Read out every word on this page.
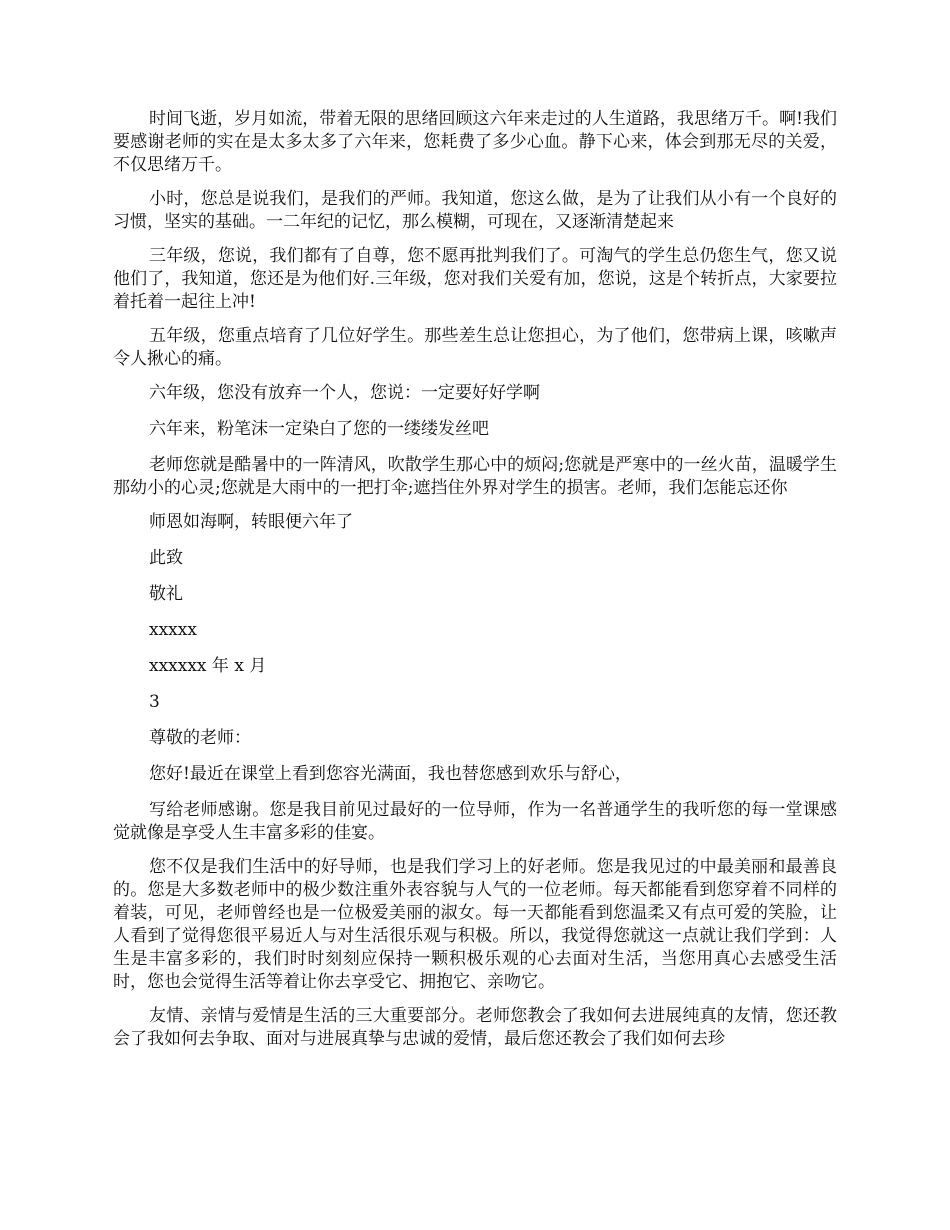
时间飞逝，岁月如流，带着无限的思绪回顾这六年来走过的人生道路，我思绪万千。啊!我们要感谢老师的实在是太多太多了六年来，您耗费了多少心血。静下心来，体会到那无尽的关爱，不仅思绪万千。

小时，您总是说我们，是我们的严师。我知道，您这么做，是为了让我们从小有一个良好的习惯，坚实的基础。一二年纪的记忆，那么模糊，可现在，又逐渐清楚起来

三年级，您说，我们都有了自尊，您不愿再批判我们了。可淘气的学生总仍您生气，您又说他们了，我知道，您还是为他们好.三年级，您对我们关爱有加，您说，这是个转折点，大家要拉着托着一起往上冲!

五年级，您重点培育了几位好学生。那些差生总让您担心，为了他们，您带病上课，咳嗽声令人揪心的痛。

六年级，您没有放弃一个人，您说：一定要好好学啊

六年来，粉笔沫一定染白了您的一缕缕发丝吧

老师您就是酷暑中的一阵清风，吹散学生那心中的烦闷;您就是严寒中的一丝火苗，温暖学生那幼小的心灵;您就是大雨中的一把打伞;遮挡住外界对学生的损害。老师，我们怎能忘还你

师恩如海啊，转眼便六年了

此致

敬礼

xxxxx

xxxxxx 年 x 月

3

尊敬的老师：

您好!最近在课堂上看到您容光满面，我也替您感到欢乐与舒心，

写给老师感谢。您是我目前见过最好的一位导师，作为一名普通学生的我听您的每一堂课感觉就像是享受人生丰富多彩的佳宴。

您不仅是我们生活中的好导师，也是我们学习上的好老师。您是我见过的中最美丽和最善良的。您是大多数老师中的极少数注重外表容貌与人气的一位老师。每天都能看到您穿着不同样的着装，可见，老师曾经也是一位极爱美丽的淑女。每一天都能看到您温柔又有点可爱的笑脸，让人看到了觉得您很平易近人与对生活很乐观与积极。所以，我觉得您就这一点就让我们学到：人生是丰富多彩的，我们时时刻刻应保持一颗积极乐观的心去面对生活，当您用真心去感受生活时，您也会觉得生活等着让你去享受它、拥抱它、亲吻它。

友情、亲情与爱情是生活的三大重要部分。老师您教会了我如何去进展纯真的友情，您还教会了我如何去争取、面对与进展真挚与忠诚的爱情，最后您还教会了我们如何去珍
